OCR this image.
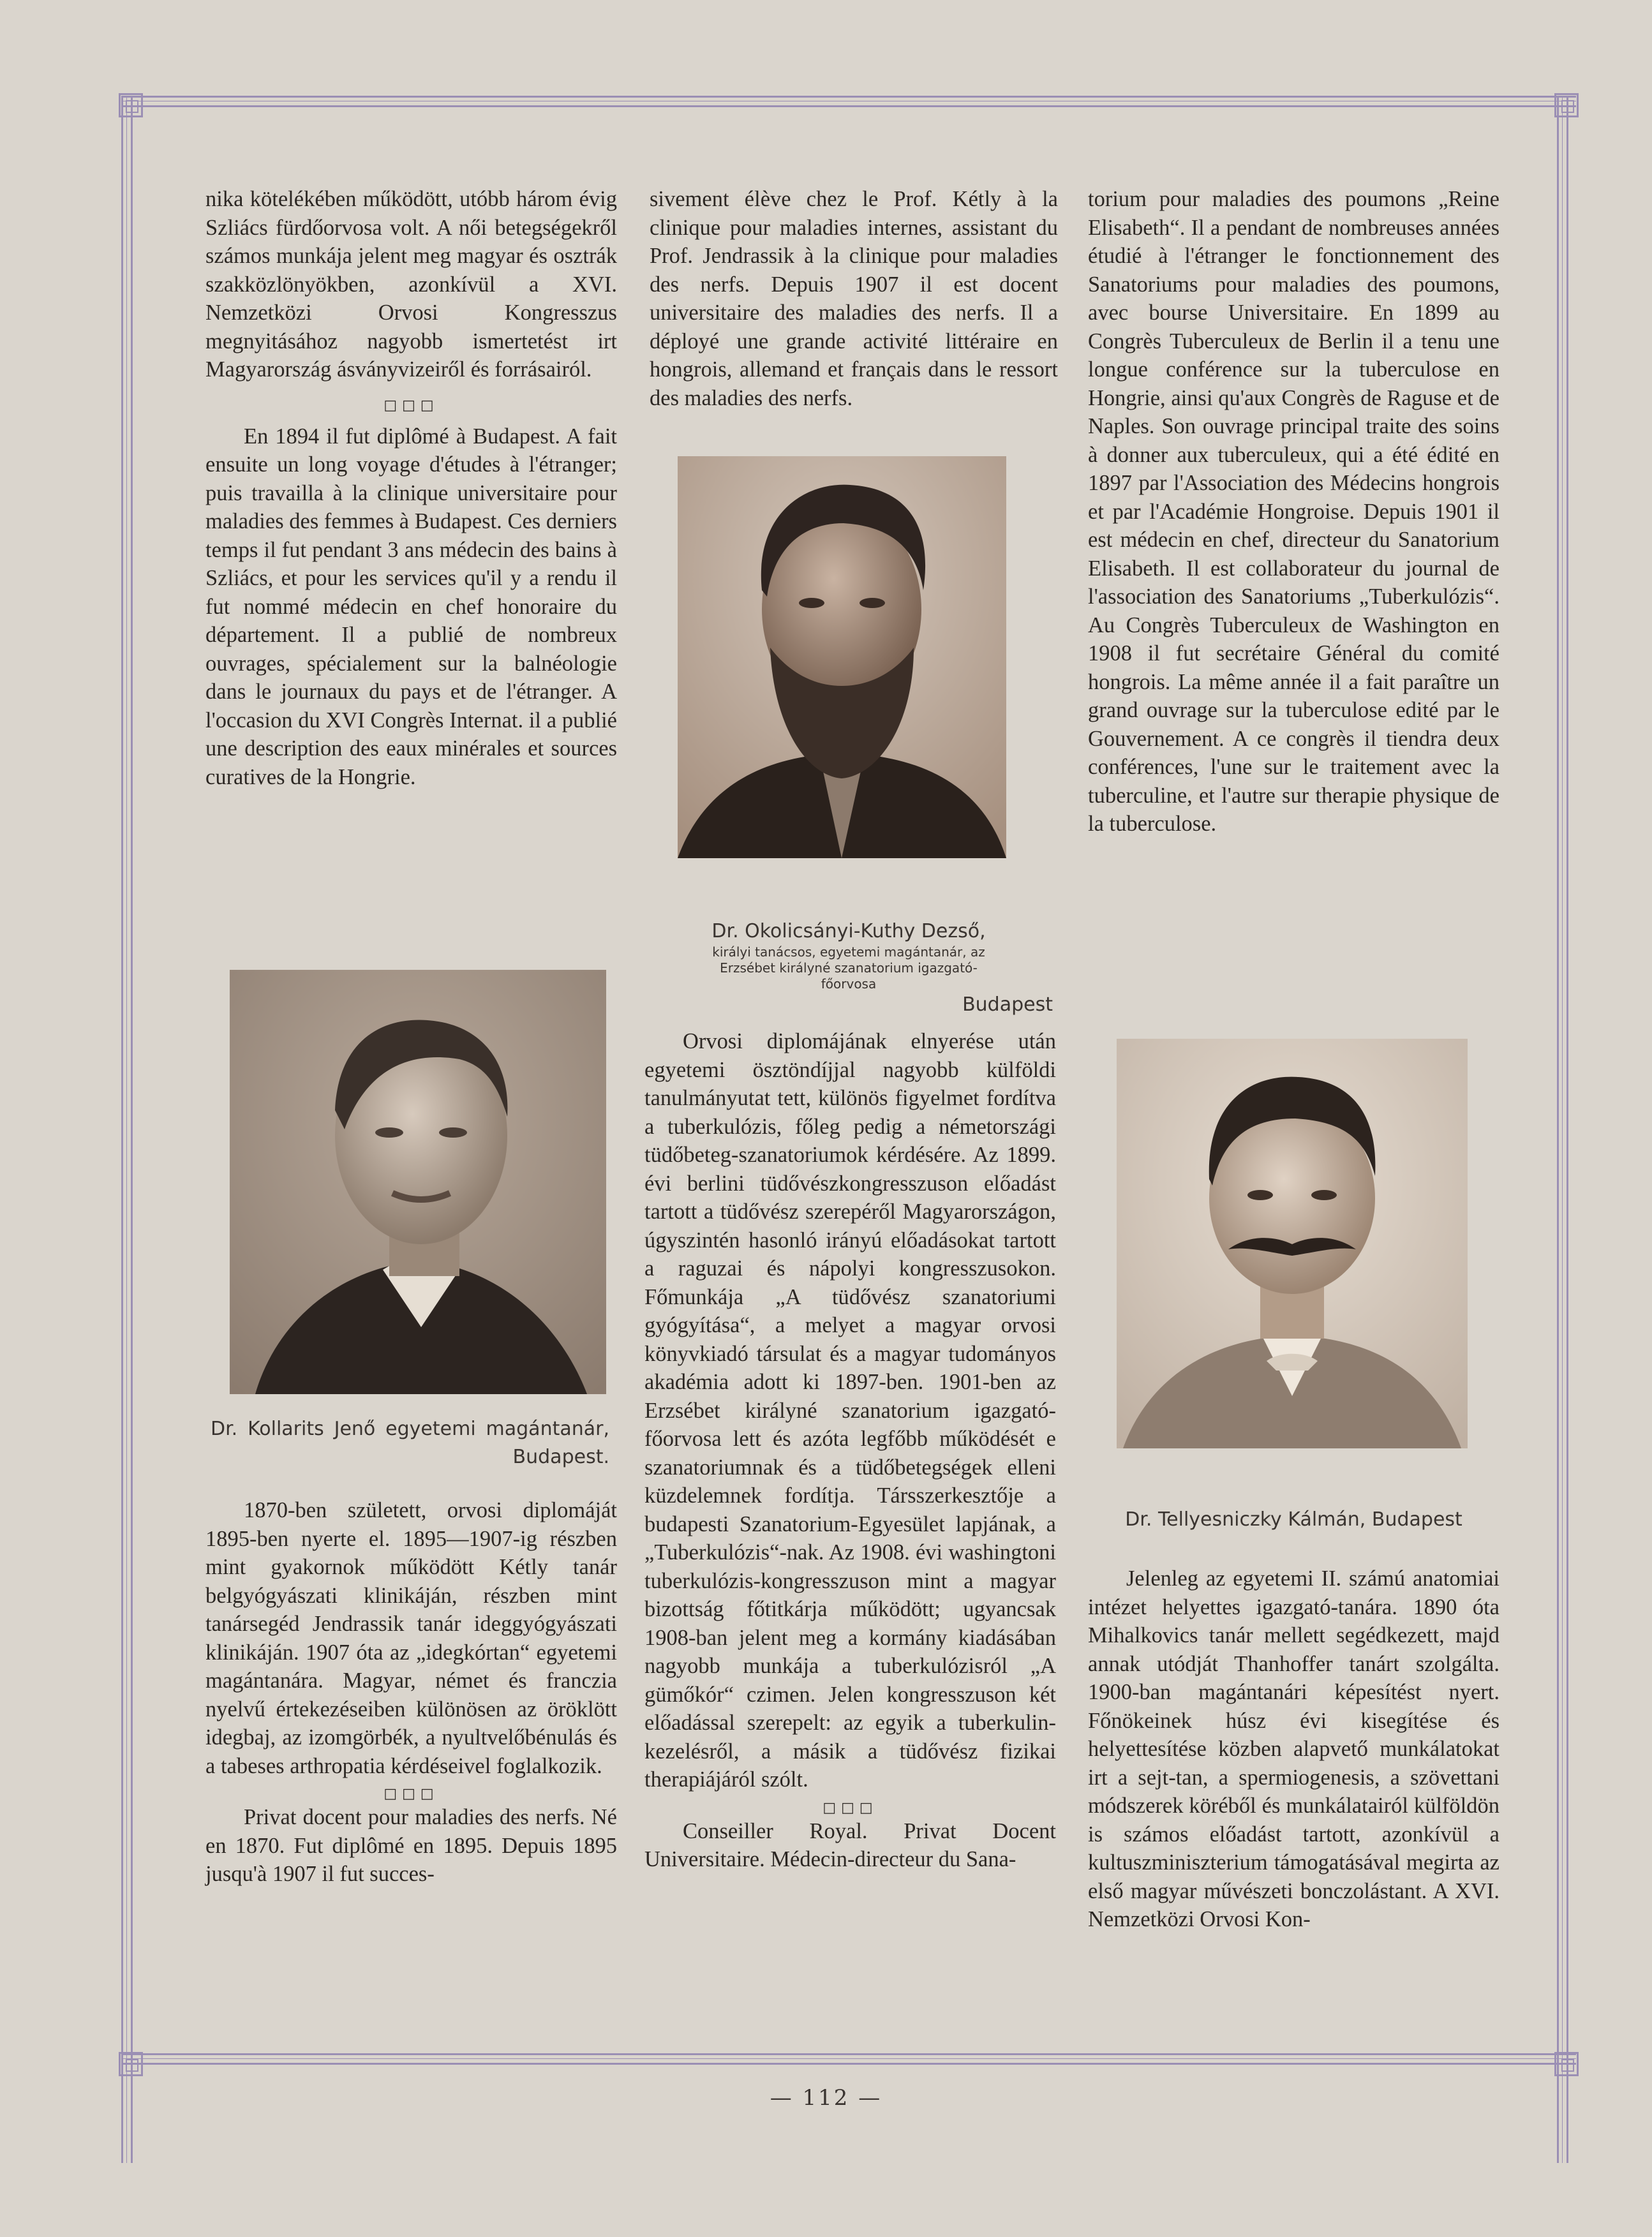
nika kötelékében működött, utóbb három évig Szliács fürdőorvosa volt. A női betegségekről számos munkája jelent meg magyar és osztrák szakközlönyökben, azonkívül a XVI. Nemzetközi Orvosi Kongresszus megnyitásához nagyobb ismertetést irt Magyarország ásványvizeiről és forrásairól.

□□□

En 1894 il fut diplômé à Budapest. A fait ensuite un long voyage d'études à l'étranger; puis travailla à la clinique universitaire pour maladies des femmes à Budapest. Ces derniers temps il fut pendant 3 ans médecin des bains à Szliács, et pour les services qu'il y a rendu il fut nommé médecin en chef honoraire du département. Il a publié de nombreux ouvrages, spécialement sur la balnéologie dans le journaux du pays et de l'étranger. A l'occasion du XVI Congrès Internat. il a publié une description des eaux minérales et sources curatives de la Hongrie.

Dr. Kollarits Jenő egyetemi magántanár,
Budapest.

1870-ben született, orvosi diplomáját 1895-ben nyerte el. 1895—1907-ig részben mint gyakornok működött Kétly tanár belgyógyászati klinikáján, részben mint tanársegéd Jendrassik tanár ideggyógyászati klinikáján. 1907 óta az „idegkórtan“ egyetemi magántanára. Magyar, német és franczia nyelvű értekezéseiben különösen az öröklött idegbaj, az izomgörbék, a nyultvelőbénulás és a tabeses arthropatia kérdéseivel foglalkozik.

□□□

Privat docent pour maladies des nerfs. Né en 1870. Fut diplômé en 1895. Depuis 1895 jusqu'à 1907 il fut succes-

sivement élève chez le Prof. Kétly à la clinique pour maladies internes, assistant du Prof. Jendrassik à la clinique pour maladies des nerfs. Depuis 1907 il est docent universitaire des maladies des nerfs. Il a déployé une grande activité littéraire en hongrois, allemand et français dans le ressort des maladies des nerfs.

Dr. Okolicsányi-Kuthy Dezső,
királyi tanácsos, egyetemi magántanár, az Erzsébet királyné szanatorium igazgató-főorvosa
Budapest

Orvosi diplomájának elnyerése után egyetemi ösztöndíjjal nagyobb külföldi tanulmányutat tett, különös figyelmet fordítva a tuberkulózis, főleg pedig a németországi tüdőbeteg-szanatoriumok kérdésére. Az 1899. évi berlini tüdővészkongresszuson előadást tartott a tüdővész szerepéről Magyarországon, úgyszintén hasonló irányú előadásokat tartott a raguzai és nápolyi kongresszusokon. Főmunkája „A tüdővész szanatoriumi gyógyítása“, a melyet a magyar orvosi könyvkiadó társulat és a magyar tudományos akadémia adott ki 1897-ben. 1901-ben az Erzsébet királyné szanatorium igazgató-főorvosa lett és azóta legfőbb működését e szanatoriumnak és a tüdőbetegségek elleni küzdelemnek fordítja. Társszerkesztője a budapesti Szanatorium-Egyesület lapjának, a „Tuberkulózis“-nak. Az 1908. évi washingtoni tuberkulózis-kongresszuson mint a magyar bizottság főtitkárja működött; ugyancsak 1908-ban jelent meg a kormány kiadásában nagyobb munkája a tuberkulózisról „A gümőkór“ czimen. Jelen kongresszuson két előadással szerepelt: az egyik a tuberkulin-kezelésről, a másik a tüdővész fizikai therapiájáról szólt.

□□□

Conseiller Royal. Privat Docent Universitaire. Médecin-directeur du Sana-

torium pour maladies des poumons „Reine Elisabeth“. Il a pendant de nombreuses années étudié à l'étranger le fonctionnement des Sanatoriums pour maladies des poumons, avec bourse Universitaire. En 1899 au Congrès Tuberculeux de Berlin il a tenu une longue conférence sur la tuberculose en Hongrie, ainsi qu'aux Congrès de Raguse et de Naples. Son ouvrage principal traite des soins à donner aux tuberculeux, qui a été édité en 1897 par l'Association des Médecins hongrois et par l'Académie Hongroise. Depuis 1901 il est médecin en chef, directeur du Sanatorium Elisabeth. Il est collaborateur du journal de l'association des Sanatoriums „Tuberkulózis“. Au Congrès Tuberculeux de Washington en 1908 il fut secrétaire Général du comité hongrois. La même année il a fait paraître un grand ouvrage sur la tuberculose edité par le Gouvernement. A ce congrès il tiendra deux conférences, l'une sur le traitement avec la tuberculine, et l'autre sur therapie physique de la tuberculose.

Dr. Tellyesniczky Kálmán, Budapest

Jelenleg az egyetemi II. számú anatomiai intézet helyettes igazgató-tanára. 1890 óta Mihalkovics tanár mellett segédkezett, majd annak utódját Thanhoffer tanárt szolgálta. 1900-ban magántanári képesítést nyert. Főnökeinek húsz évi kisegítése és helyettesítése közben alapvető munkálatokat irt a sejt-tan, a spermiogenesis, a szövettani módszerek köréből és munkálatairól külföldön is számos előadást tartott, azonkívül a kultuszminiszterium támogatásával megirta az első magyar művészeti bonczolástant. A XVI. Nemzetközi Orvosi Kon-

— 112 —
